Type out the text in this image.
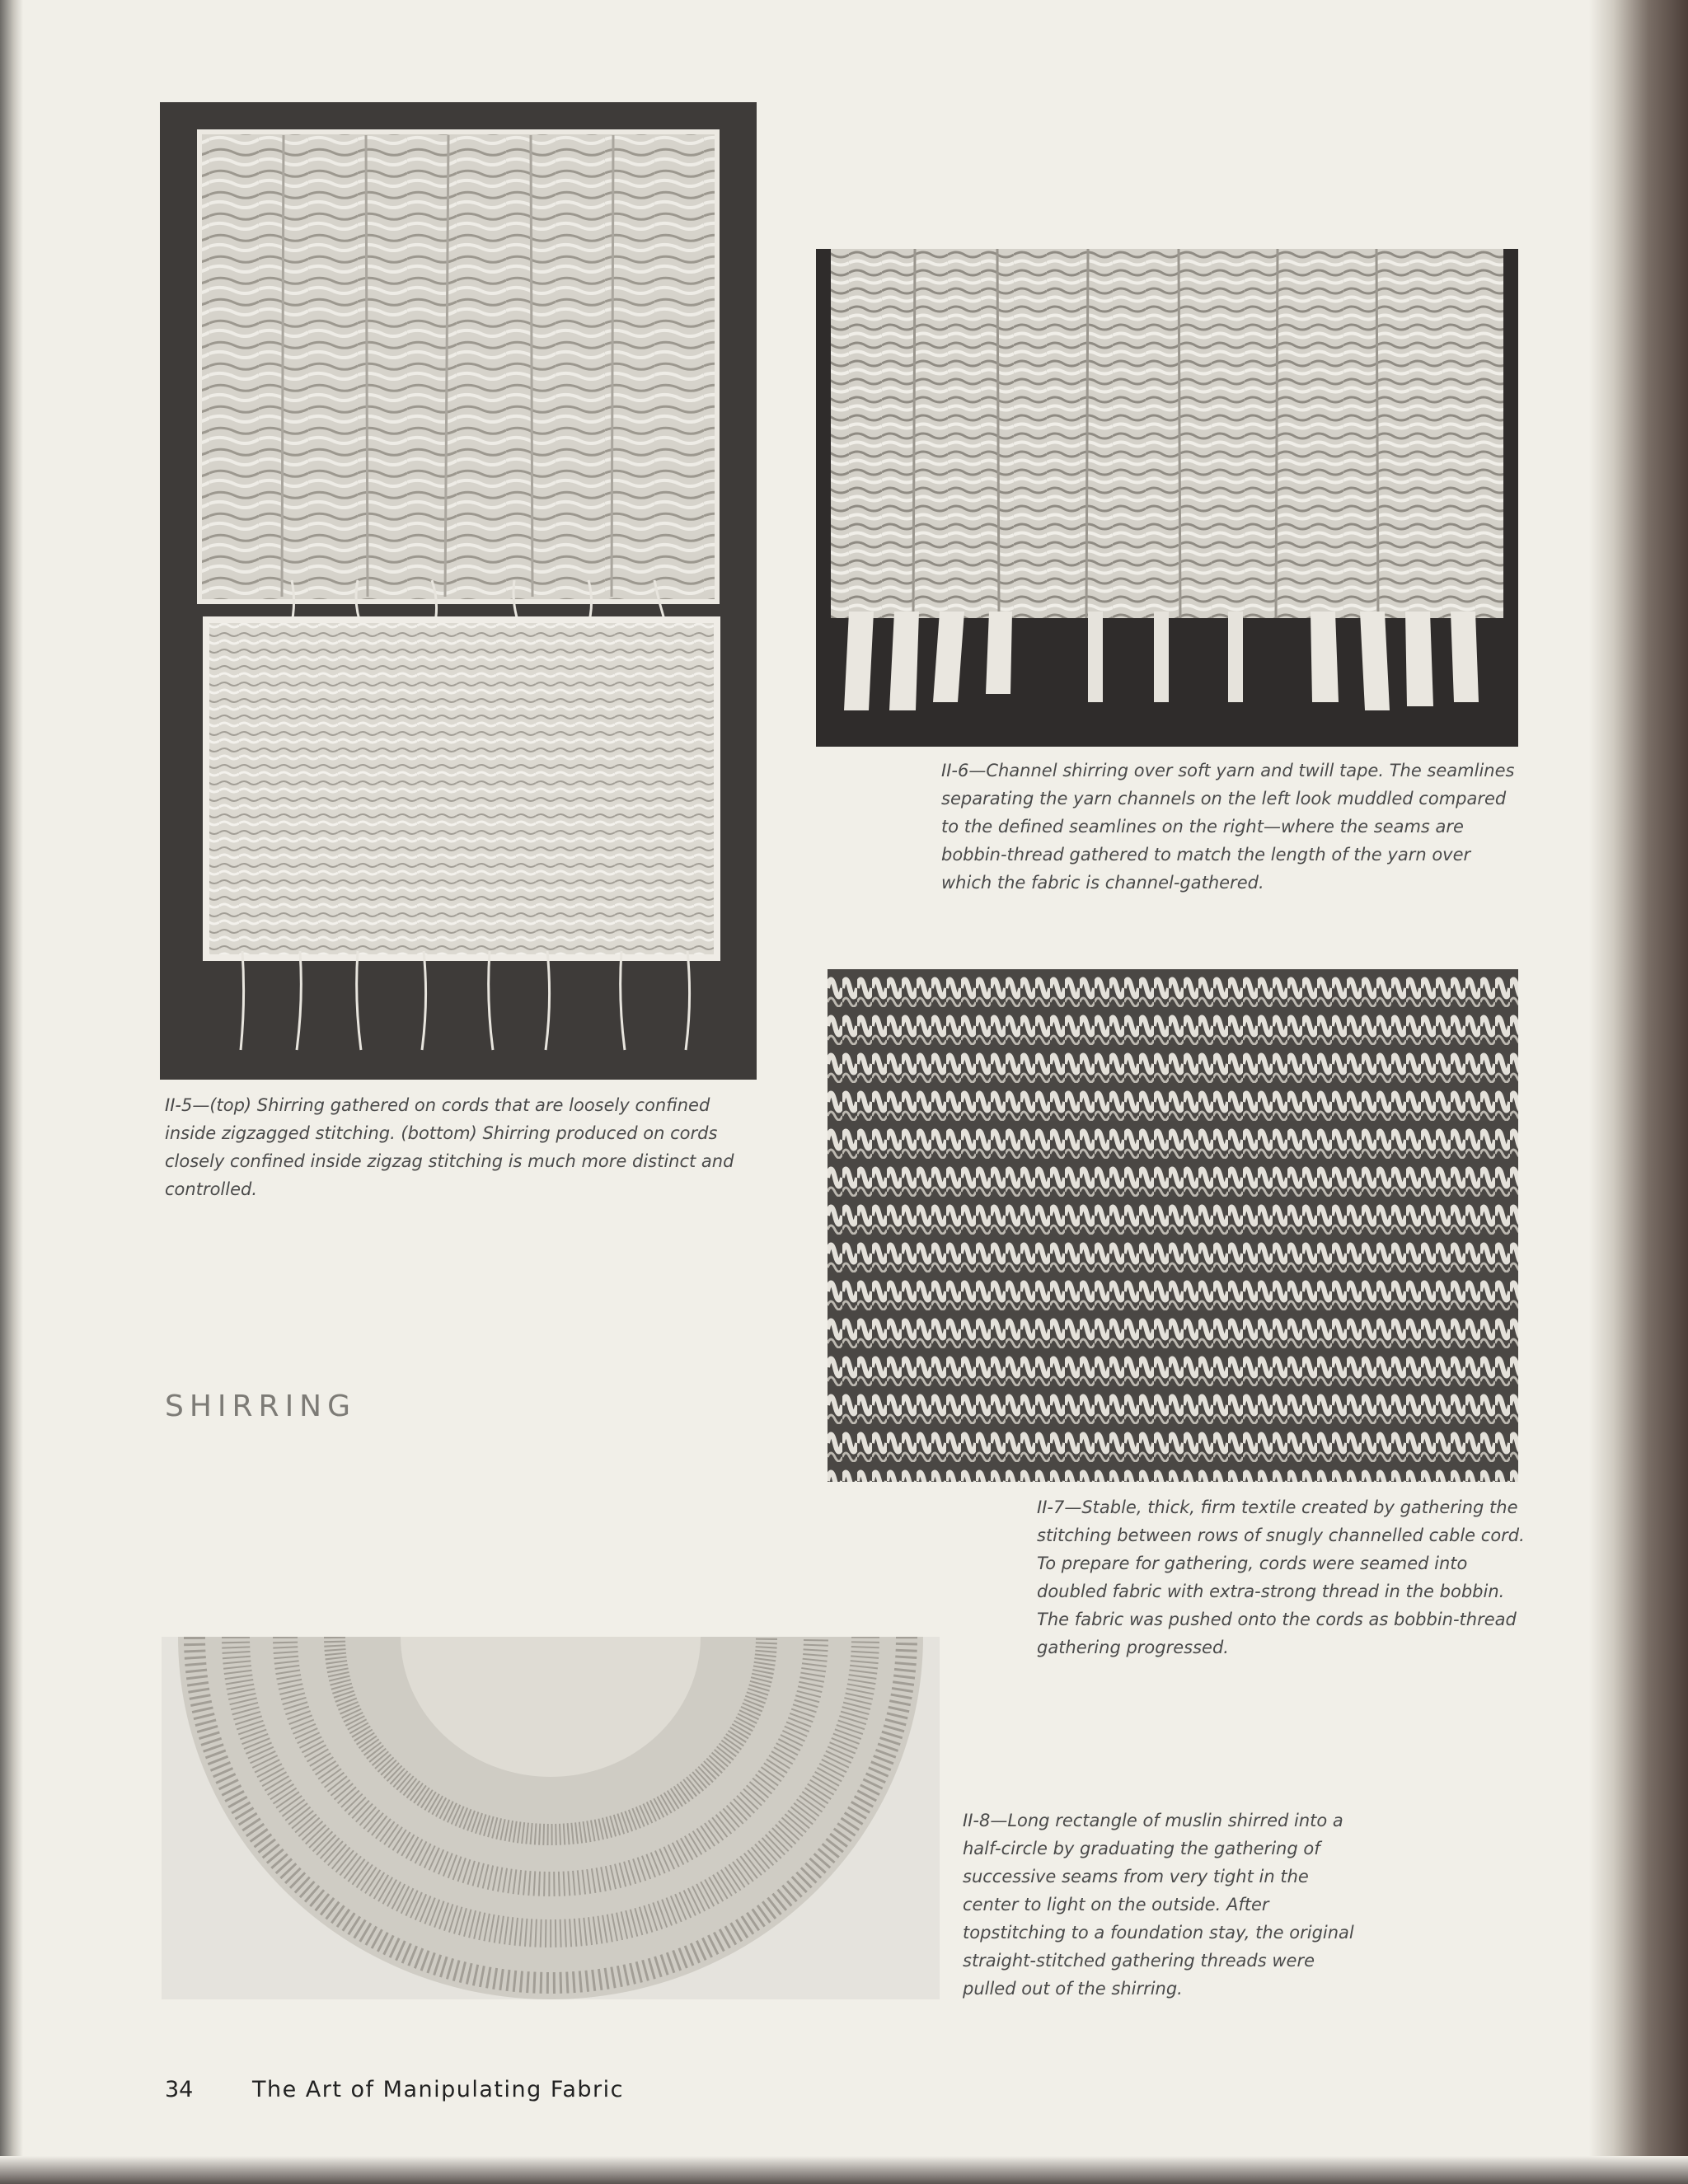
II-5—(top) Shirring gathered on cords that are loosely confined inside zigzagged stitching. (bottom) Shirring produced on cords closely confined inside zigzag stitching is much more distinct and controlled.

II-6—Channel shirring over soft yarn and twill tape. The seamlines separating the yarn channels on the left look muddled compared to the defined seamlines on the right—where the seams are bobbin-thread gathered to match the length of the yarn over which the fabric is channel-gathered.

II-7—Stable, thick, firm textile created by gathering the stitching between rows of snugly channelled cable cord. To prepare for gathering, cords were seamed into doubled fabric with extra-strong thread in the bobbin. The fabric was pushed onto the cords as bobbin-thread gathering progressed.

SHIRRING

II-8—Long rectangle of muslin shirred into a half-circle by graduating the gathering of successive seams from very tight in the center to light on the outside. After topstitching to a foundation stay, the original straight-stitched gathering threads were pulled out of the shirring.

34	The Art of Manipulating Fabric
